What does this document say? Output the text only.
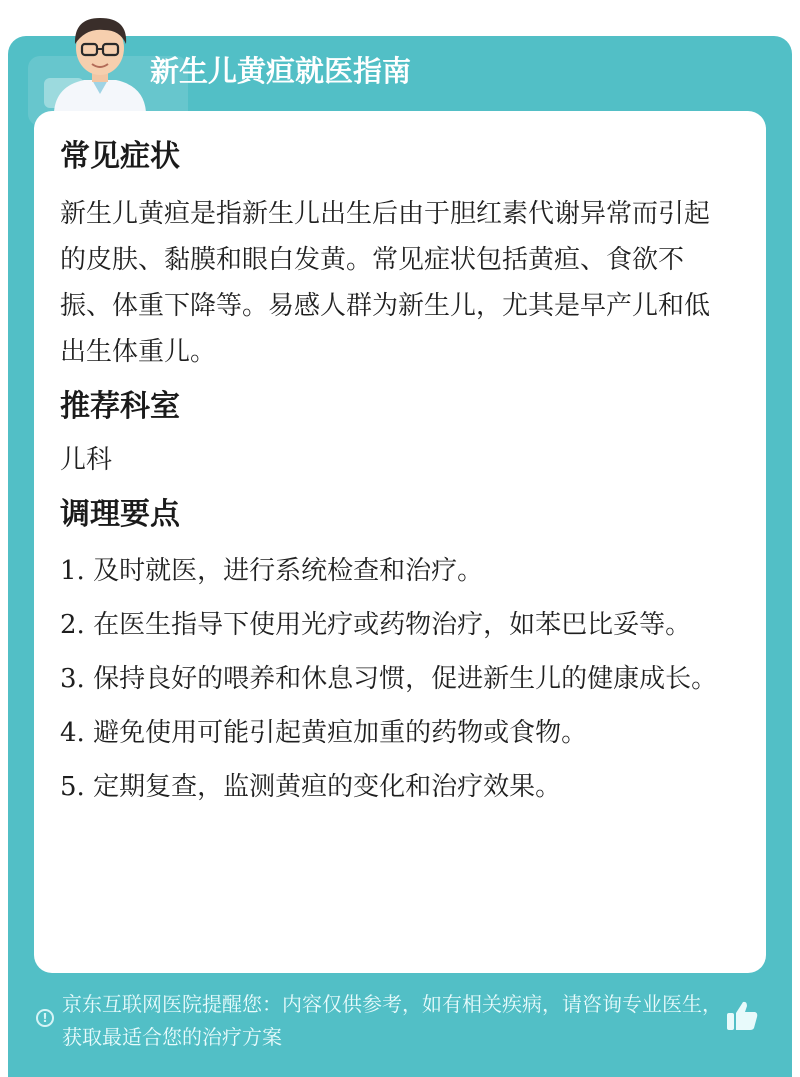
新生儿黄疸就医指南
常见症状

新生儿黄疸是指新生儿出生后由于胆红素代谢异常而引起的皮肤、黏膜和眼白发黄。常见症状包括黄疸、食欲不振、体重下降等。易感人群为新生儿，尤其是早产儿和低出生体重儿。

推荐科室

儿科

调理要点
1. 及时就医，进行系统检查和治疗。
2. 在医生指导下使用光疗或药物治疗，如苯巴比妥等。
3. 保持良好的喂养和休息习惯，促进新生儿的健康成长。
4. 避免使用可能引起黄疸加重的药物或食物。
5. 定期复查，监测黄疸的变化和治疗效果。
!
京东互联网医院提醒您：内容仅供参考，如有相关疾病，请咨询专业医生，获取最适合您的治疗方案
